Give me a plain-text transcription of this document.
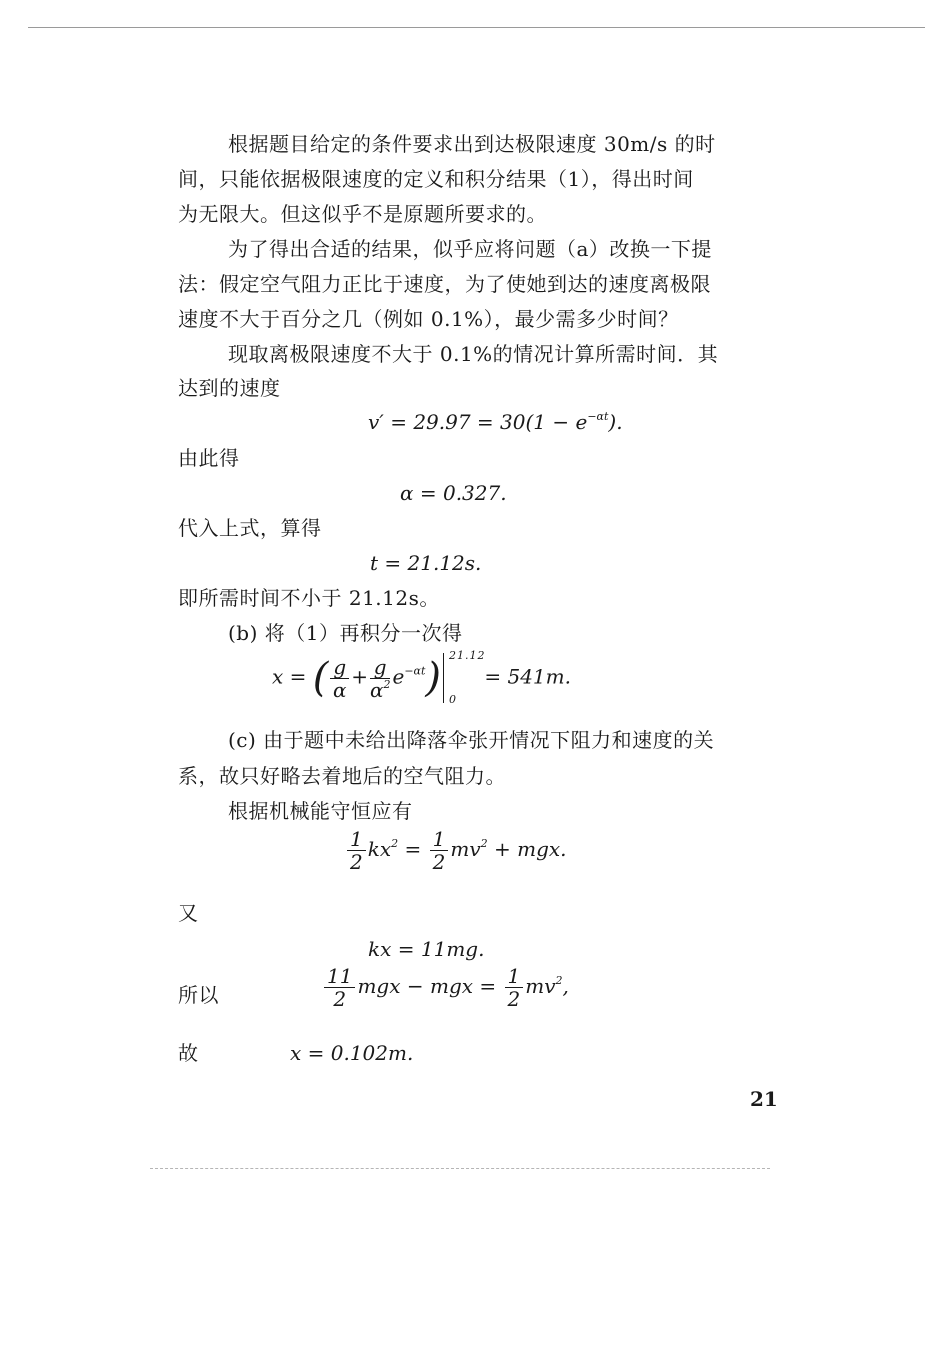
根据题目给定的条件要求出到达极限速度 30m/s 的时
间，只能依据极限速度的定义和积分结果（1），得出时间
为无限大。但这似乎不是原题所要求的。
为了得出合适的结果，似乎应将问题（a）改换一下提
法：假定空气阻力正比于速度，为了使她到达的速度离极限
速度不大于百分之几（例如 0.1%），最少需多少时间？
现取离极限速度不大于 0.1%的情况计算所需时间．其
达到的速度
$v' = 29.97 = 30(1 - e^{-\alpha t})$.
由此得
α = 0.327.
代入上式，算得
t = 21.12s.
即所需时间不小于 21.12s。
(b) 将（1）再积分一次得
x = ( $\frac{g}{\alpha} + \frac{g}{\alpha^2} e^{-\alpha t}$) 21.12
0
= 541m.
(c) 由于题中未给出降落伞张开情况下阻力和速度的关
系，故只好略去着地后的空气阻力。
根据机械能守恒应有
$\frac{1}{2} kx^2 = \frac{1}{2} mv^2$ + mgx.
又
kx = 11mg.
所以	$\frac{11}{2}$ mgx − mgx = $\frac{1}{2} mv^2$,
故	x = 0.102m.
21
